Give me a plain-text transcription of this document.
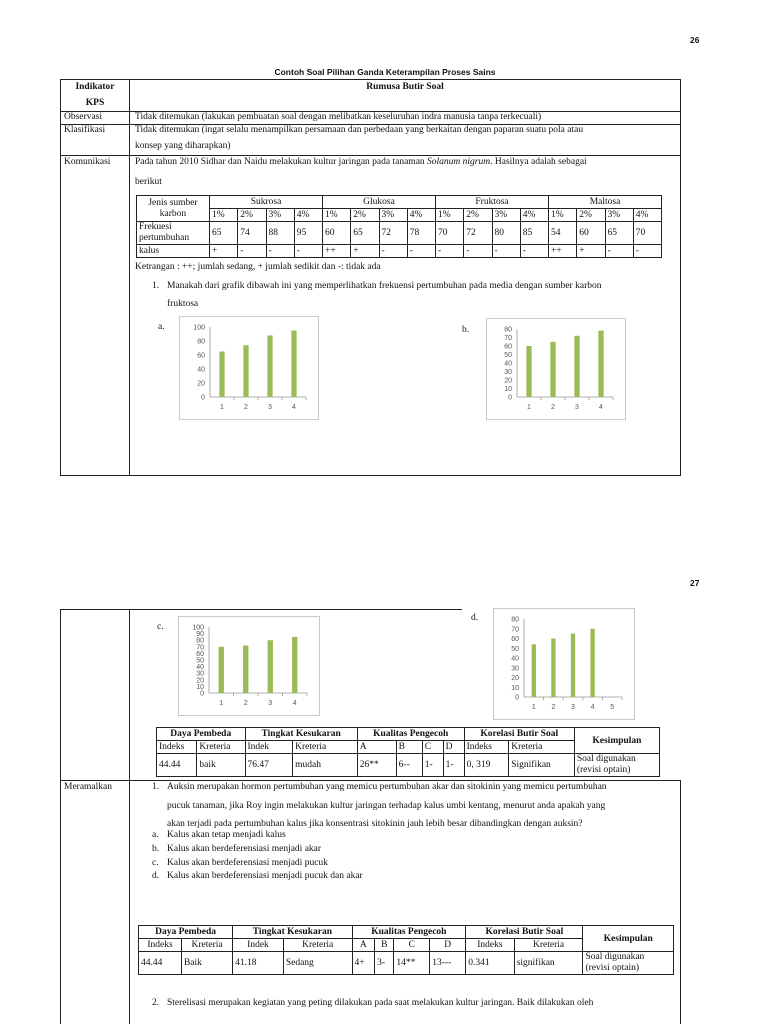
26
Contoh Soal Pilihan Ganda Keterampilan Proses Sains
Indikator
KPS
Rumusa Butir Soal
Observasi	Tidak ditemukan (lakukan pembuatan soal dengan melibatkan keseluruhan indra manusia tanpa terkecuali)
Klasifikasi	Tidak ditemukan (ingat selalu menampilkan persamaan dan perbedaan yang berkaitan dengan paparan suatu pola atau
konsep yang diharapkan)
Komunikasi	Pada tahun 2010 Sidhar dan Naidu melakukan kultur jaringan pada tanaman Solanum nigrum. Hasilnya adalah sebagai
berikut
Jenis sumber
karbon	Sukrosa				Glukosa				Fruktosa				Maltosa			
	1%	2%	3%	4%	1%	2%	3%	4%	1%	2%	3%	4%	1%	2%	3%	4%
Frekuesi
pertumbuhan	65	74	88	95	60	65	72	78	70	72	80	85	54	60	65	70
kalus	+	-	-	-	++	+	-	-	-	-	-	-	++	+	-	-
Ketrangan : ++; jumlah sedang, + jumlah sedikit dan -: tidak ada
1. Manakah dari grafik dibawah ini yang memperlihatkan frekuensi pertumbuhan pada media dengan sumber karbon
fruktosa
a.
0
20
40
60
80
100
1	2	3	4
b.
0
10
20
30
40
50
60
70
80
1	2	3	4
27
c.
0
10
20
30
40
50
60
70
80
90
100
1	2	3	4
d.
0
10
20
30
40
50
60
70
80
1 2 3 4 5
Daya Pembeda		Tingkat Kesukaran		Kualitas Pengecoh				Korelasi Butir Soal		Kesimpulan
Indeks	Kreteria	Indek	Kreteria	A	B	C	D	Indeks	Kreteria	
44.44	baik	76.47	mudah	26**	6--	1-	1-	0, 319	Signifikan	Soal digunakan
(revisi optain)
Meramalkan	1. Auksin merupakan hormon pertumbuhan yang memicu pertumbuhan akar dan sitokinin yang memicu pertumbuhan
pucuk tanaman, jika Roy ingin melakukan kultur jaringan terhadap kalus umbi kentang, menurut anda apakah yang
akan terjadi pada pertumbuhan kalus jika konsentrasi sitokinin jauh lebih besar dibandingkan dengan auksin?
a. Kalus akan tetap menjadi kalus
b. Kalus akan berdeferensiasi menjadi akar
c. Kalus akan berdeferensiasi menjadi pucuk
d. Kalus akan berdeferensiasi menjadi pucuk dan akar
Daya Pembeda		Tingkat Kesukaran		Kualitas Pengecoh				Korelasi Butir Soal		Kesimpulan
Indeks	Kreteria	Indek	Kreteria	A	B	C	D	Indeks	Kreteria	
44.44	Baik	41.18	Sedang	4+	3-	14**	13---	0.341	signifikan	Soal digunakan
(revisi optain)
2. Sterelisasi merupakan kegiatan yang peting dilakukan pada saat melakukan kultur jaringan. Baik dilakukan oleh
